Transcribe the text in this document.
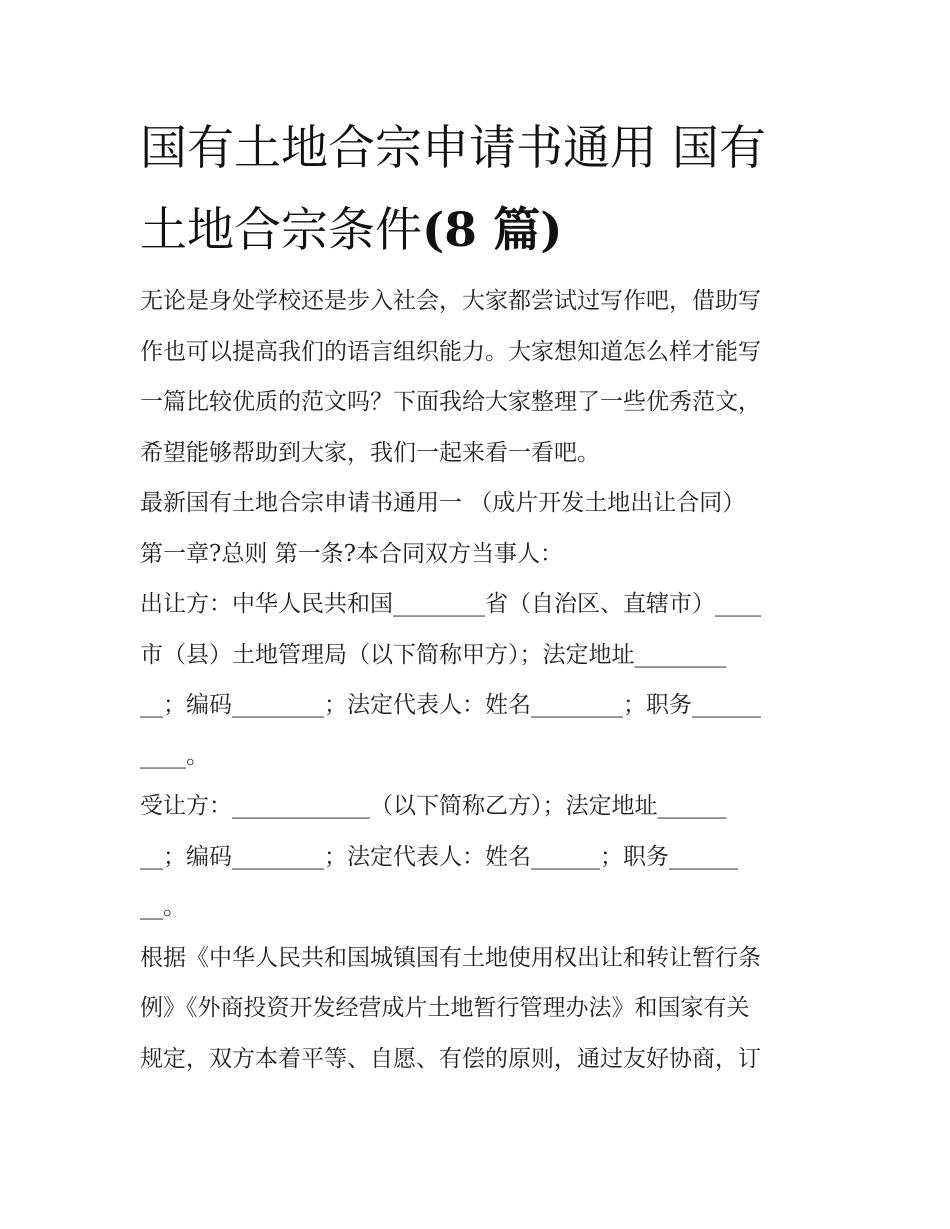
国有土地合宗申请书通用 国有
土地合宗条件(8 篇)

无论是身处学校还是步入社会，大家都尝试过写作吧，借助写

作也可以提高我们的语言组织能力。大家想知道怎么样才能写

一篇比较优质的范文吗？下面我给大家整理了一些优秀范文，

希望能够帮助到大家，我们一起来看一看吧。

最新国有土地合宗申请书通用一 （成片开发土地出让合同）

第一章?总则 第一条?本合同双方当事人：

出让方：中华人民共和国________省（自治区、直辖市）____

市（县）土地管理局（以下简称甲方）；法定地址________

__；编码________；法定代表人：姓名________；职务______

____。

受让方：____________（以下简称乙方）；法定地址______

__；编码________；法定代表人：姓名______；职务______

__。

根据《中华人民共和国城镇国有土地使用权出让和转让暂行条

例》《外商投资开发经营成片土地暂行管理办法》和国家有关

规定，双方本着平等、自愿、有偿的原则，通过友好协商，订
